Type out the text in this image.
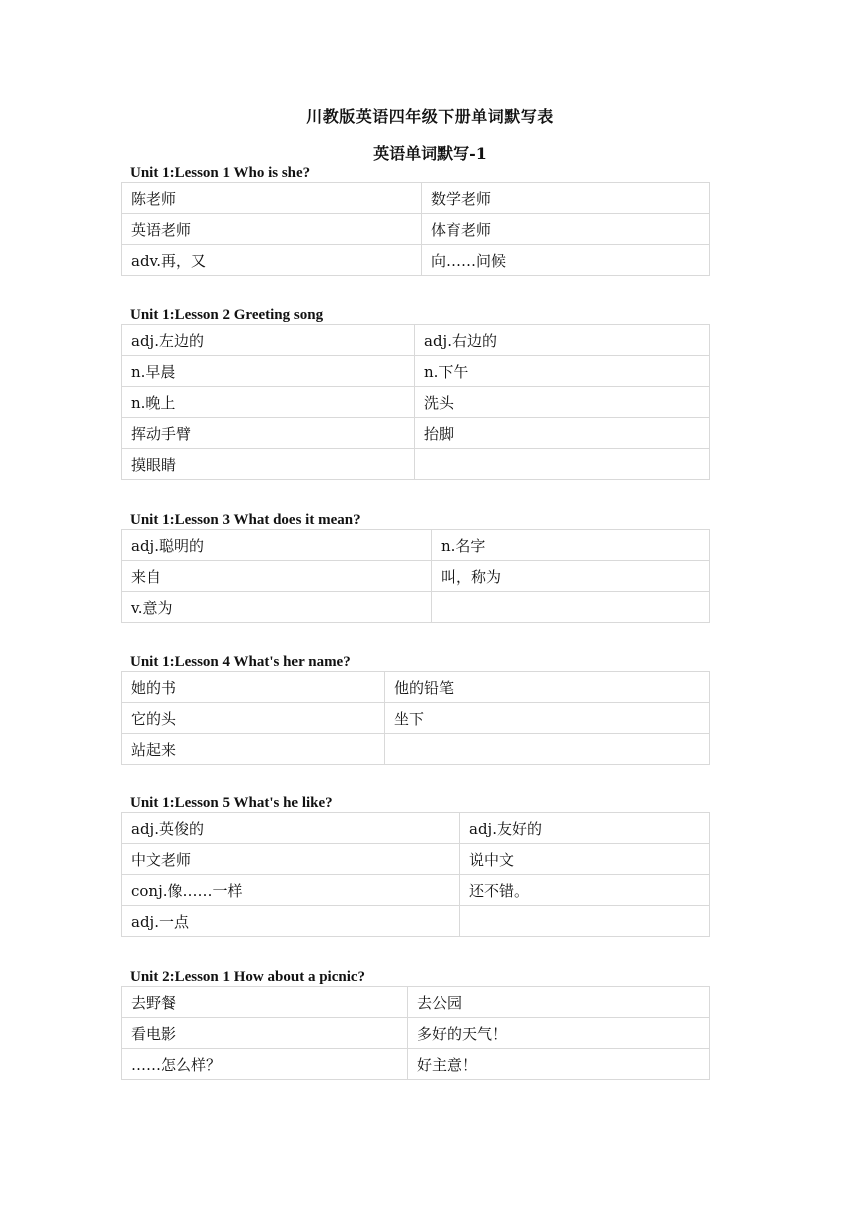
川教版英语四年级下册单词默写表
英语单词默写-1
Unit 1:Lesson 1 Who is she?
陈老师	数学老师
英语老师	体育老师
adv.再，又	向……问候
Unit 1:Lesson 2 Greeting song
adj.左边的	adj.右边的
n.早晨	n.下午
n.晚上	洗头
挥动手臂	抬脚
摸眼睛	
Unit 1:Lesson 3 What does it mean?
adj.聪明的	n.名字
来自	叫，称为
v.意为	
Unit 1:Lesson 4 What's her name?
她的书	他的铅笔
它的头	坐下
站起来	
Unit 1:Lesson 5 What's he like?
adj.英俊的	adj.友好的
中文老师	说中文
conj.像……一样	还不错。
adj.一点	
Unit 2:Lesson 1 How about a picnic?
去野餐	去公园
看电影	多好的天气！
……怎么样？	好主意！
